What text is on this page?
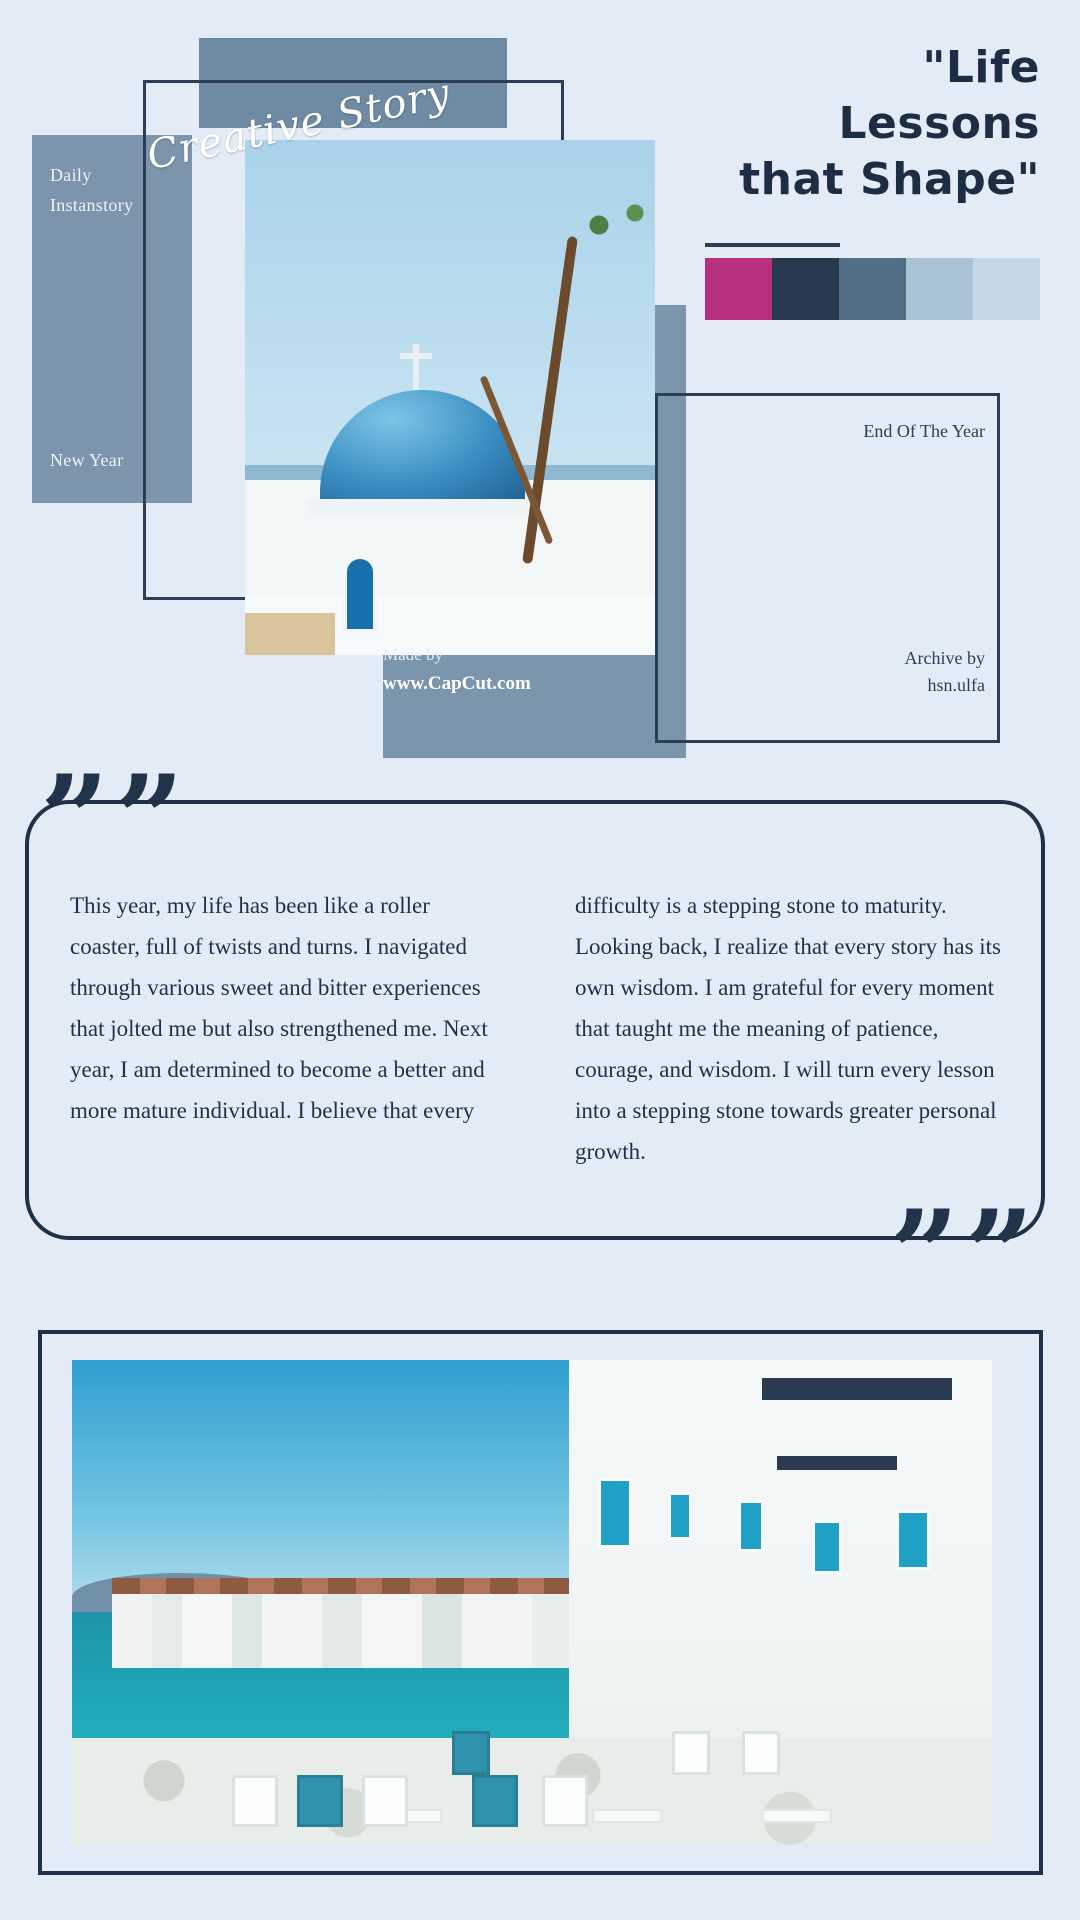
Daily Instanstory
New Year
Creative Story
Made by
www.CapCut.com
End Of The Year
Archive by
hsn.ulfa
"Life
Lessons
that Shape"
””
This year, my life has been like a roller coaster, full of twists and turns. I navigated through various sweet and bitter experiences that jolted me but also strengthened me. Next year, I am determined to become a better and more mature individual. I believe that every
difficulty is a stepping stone to maturity. Looking back, I realize that every story has its own wisdom. I am grateful for every moment that taught me the meaning of patience, courage, and wisdom. I will turn every lesson into a stepping stone towards greater personal growth.
””
